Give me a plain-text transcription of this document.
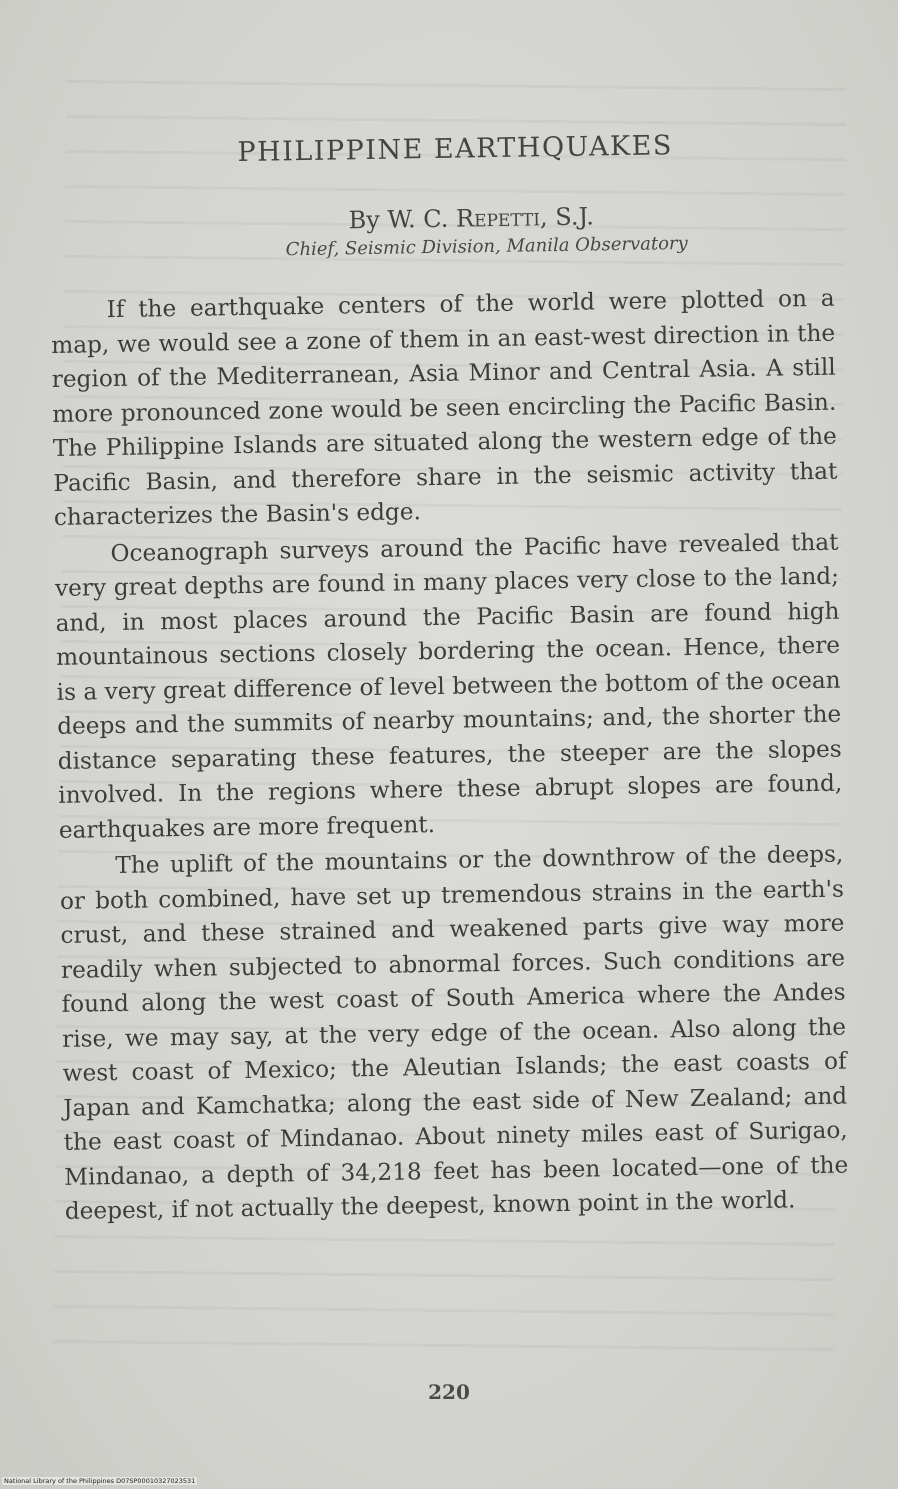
PHILIPPINE EARTHQUAKES

By W. C. Repetti, S.J.

Chief, Seismic Division, Manila Observatory

If the earthquake centers of the world were plotted on a map, we would see a zone of them in an east-west direction in the region of the Mediterranean, Asia Minor and Central Asia. A still more pronounced zone would be seen encircling the Pacific Basin. The Philippine Islands are situated along the western edge of the Pacific Basin, and therefore share in the seismic activity that characterizes the Basin's edge.

Oceanograph surveys around the Pacific have revealed that very great depths are found in many places very close to the land; and, in most places around the Pacific Basin are found high mountainous sections closely bordering the ocean. Hence, there is a very great difference of level between the bottom of the ocean deeps and the summits of nearby mountains; and, the shorter the distance separating these features, the steeper are the slopes involved. In the regions where these abrupt slopes are found, earthquakes are more frequent.

The uplift of the mountains or the downthrow of the deeps, or both combined, have set up tremendous strains in the earth's crust, and these strained and weakened parts give way more readily when subjected to abnormal forces. Such conditions are found along the west coast of South America where the Andes rise, we may say, at the very edge of the ocean. Also along the west coast of Mexico; the Aleutian Islands; the east coasts of Japan and Kamchatka; along the east side of New Zealand; and the east coast of Mindanao. About ninety miles east of Surigao, Mindanao, a depth of 34,218 feet has been located—one of the deepest, if not actually the deepest, known point in the world.

220
National Library of the Philippines D07SP00010327023531
